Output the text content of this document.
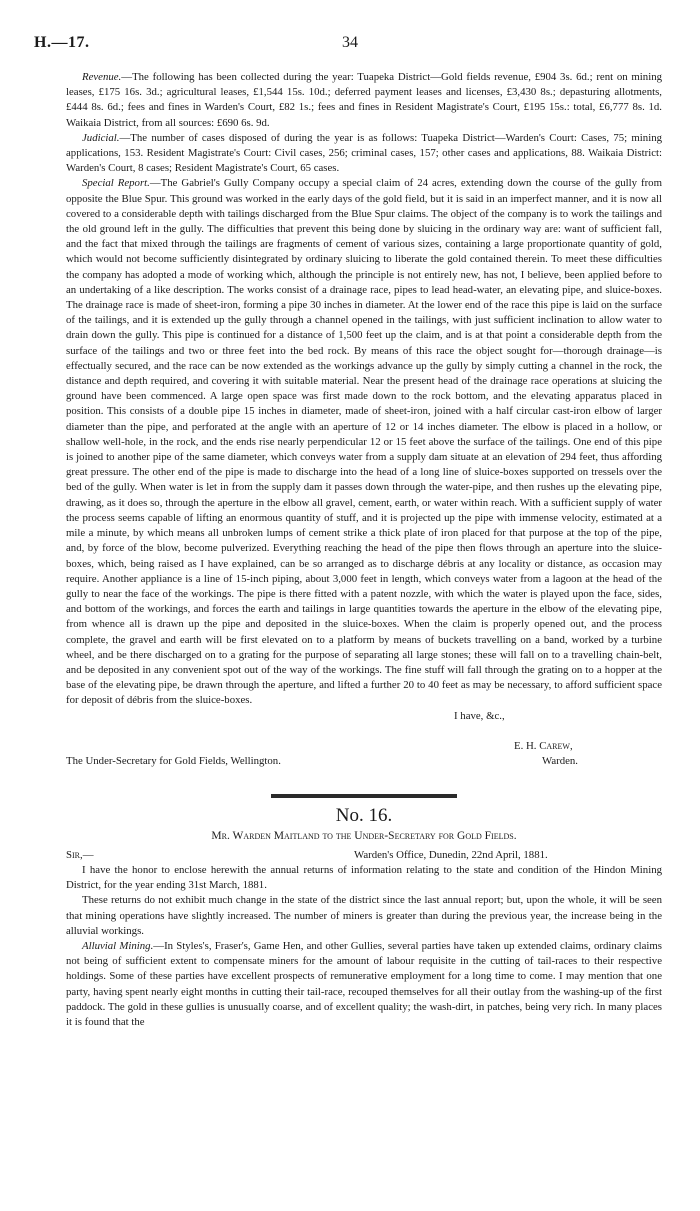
H.—17.	34

Revenue.—The following has been collected during the year: Tuapeka District—Gold fields revenue, £904 3s. 6d.; rent on mining leases, £175 16s. 3d.; agricultural leases, £1,544 15s. 10d.; deferred payment leases and licenses, £3,430 8s.; depasturing allotments, £444 8s. 6d.; fees and fines in Warden's Court, £82 1s.; fees and fines in Resident Magistrate's Court, £195 15s.: total, £6,777 8s. 1d. Waikaia District, from all sources: £690 6s. 9d.

Judicial.—The number of cases disposed of during the year is as follows: Tuapeka District—Warden's Court: Cases, 75; mining applications, 153. Resident Magistrate's Court: Civil cases, 256; criminal cases, 157; other cases and applications, 88. Waikaia District: Warden's Court, 8 cases; Resident Magistrate's Court, 65 cases.

Special Report.—The Gabriel's Gully Company occupy a special claim of 24 acres, extending down the course of the gully from opposite the Blue Spur. This ground was worked in the early days of the gold field, but it is said in an imperfect manner, and it is now all covered to a considerable depth with tailings discharged from the Blue Spur claims. The object of the company is to work the tailings and the old ground left in the gully. The difficulties that prevent this being done by sluicing in the ordinary way are: want of sufficient fall, and the fact that mixed through the tailings are fragments of cement of various sizes, containing a large proportionate quantity of gold, which would not become sufficiently disintegrated by ordinary sluicing to liberate the gold contained therein. To meet these difficulties the company has adopted a mode of working which, although the principle is not entirely new, has not, I believe, been applied before to an undertaking of a like description. The works consist of a drainage race, pipes to lead head-water, an elevating pipe, and sluice-boxes. The drainage race is made of sheet-iron, forming a pipe 30 inches in diameter. At the lower end of the race this pipe is laid on the surface of the tailings, and it is extended up the gully through a channel opened in the tailings, with just sufficient inclination to allow water to drain down the gully. This pipe is continued for a distance of 1,500 feet up the claim, and is at that point a considerable depth from the surface of the tailings and two or three feet into the bed rock. By means of this race the object sought for—thorough drainage—is effectually secured, and the race can be now extended as the workings advance up the gully by simply cutting a channel in the rock, the distance and depth required, and covering it with suitable material. Near the present head of the drainage race operations at sluicing the ground have been commenced. A large open space was first made down to the rock bottom, and the elevating apparatus placed in position. This consists of a double pipe 15 inches in diameter, made of sheet-iron, joined with a half circular cast-iron elbow of larger diameter than the pipe, and perforated at the angle with an aperture of 12 or 14 inches diameter. The elbow is placed in a hollow, or shallow well-hole, in the rock, and the ends rise nearly perpendicular 12 or 15 feet above the surface of the tailings. One end of this pipe is joined to another pipe of the same diameter, which conveys water from a supply dam situate at an elevation of 294 feet, thus affording great pressure. The other end of the pipe is made to discharge into the head of a long line of sluice-boxes supported on tressels over the bed of the gully. When water is let in from the supply dam it passes down through the water-pipe, and then rushes up the elevating pipe, drawing, as it does so, through the aperture in the elbow all gravel, cement, earth, or water within reach. With a sufficient supply of water the process seems capable of lifting an enormous quantity of stuff, and it is projected up the pipe with immense velocity, estimated at a mile a minute, by which means all unbroken lumps of cement strike a thick plate of iron placed for that purpose at the top of the pipe, and, by force of the blow, become pulverized. Everything reaching the head of the pipe then flows through an aperture into the sluice-boxes, which, being raised as I have explained, can be so arranged as to discharge débris at any locality or distance, as occasion may require. Another appliance is a line of 15-inch piping, about 3,000 feet in length, which conveys water from a lagoon at the head of the gully to near the face of the workings. The pipe is there fitted with a patent nozzle, with which the water is played upon the face, sides, and bottom of the workings, and forces the earth and tailings in large quantities towards the aperture in the elbow of the elevating pipe, from whence all is drawn up the pipe and deposited in the sluice-boxes. When the claim is properly opened out, and the process complete, the gravel and earth will be first elevated on to a platform by means of buckets travelling on a band, worked by a turbine wheel, and be there discharged on to a grating for the purpose of separating all large stones; these will fall on to a travelling chain-belt, and be deposited in any convenient spot out of the way of the workings. The fine stuff will fall through the grating on to a hopper at the base of the elevating pipe, be drawn through the aperture, and lifted a further 20 to 40 feet as may be necessary, to afford sufficient space for deposit of débris from the sluice-boxes.

I have, &c.,
E. H. Carew,
The Under-Secretary for Gold Fields, Wellington.	Warden.
No. 16.
Mr. Warden Maitland to the Under-Secretary for Gold Fields.
Sir,—	Warden's Office, Dunedin, 22nd April, 1881.

I have the honor to enclose herewith the annual returns of information relating to the state and condition of the Hindon Mining District, for the year ending 31st March, 1881.

These returns do not exhibit much change in the state of the district since the last annual report; but, upon the whole, it will be seen that mining operations have slightly increased. The number of miners is greater than during the previous year, the increase being in the alluvial workings.

Alluvial Mining.—In Styles's, Fraser's, Game Hen, and other Gullies, several parties have taken up extended claims, ordinary claims not being of sufficient extent to compensate miners for the amount of labour requisite in the cutting of tail-races to their respective holdings. Some of these parties have excellent prospects of remunerative employment for a long time to come. I may mention that one party, having spent nearly eight months in cutting their tail-race, recouped themselves for all their outlay from the washing-up of the first paddock. The gold in these gullies is unusually coarse, and of excellent quality; the wash-dirt, in patches, being very rich. In many places it is found that the
